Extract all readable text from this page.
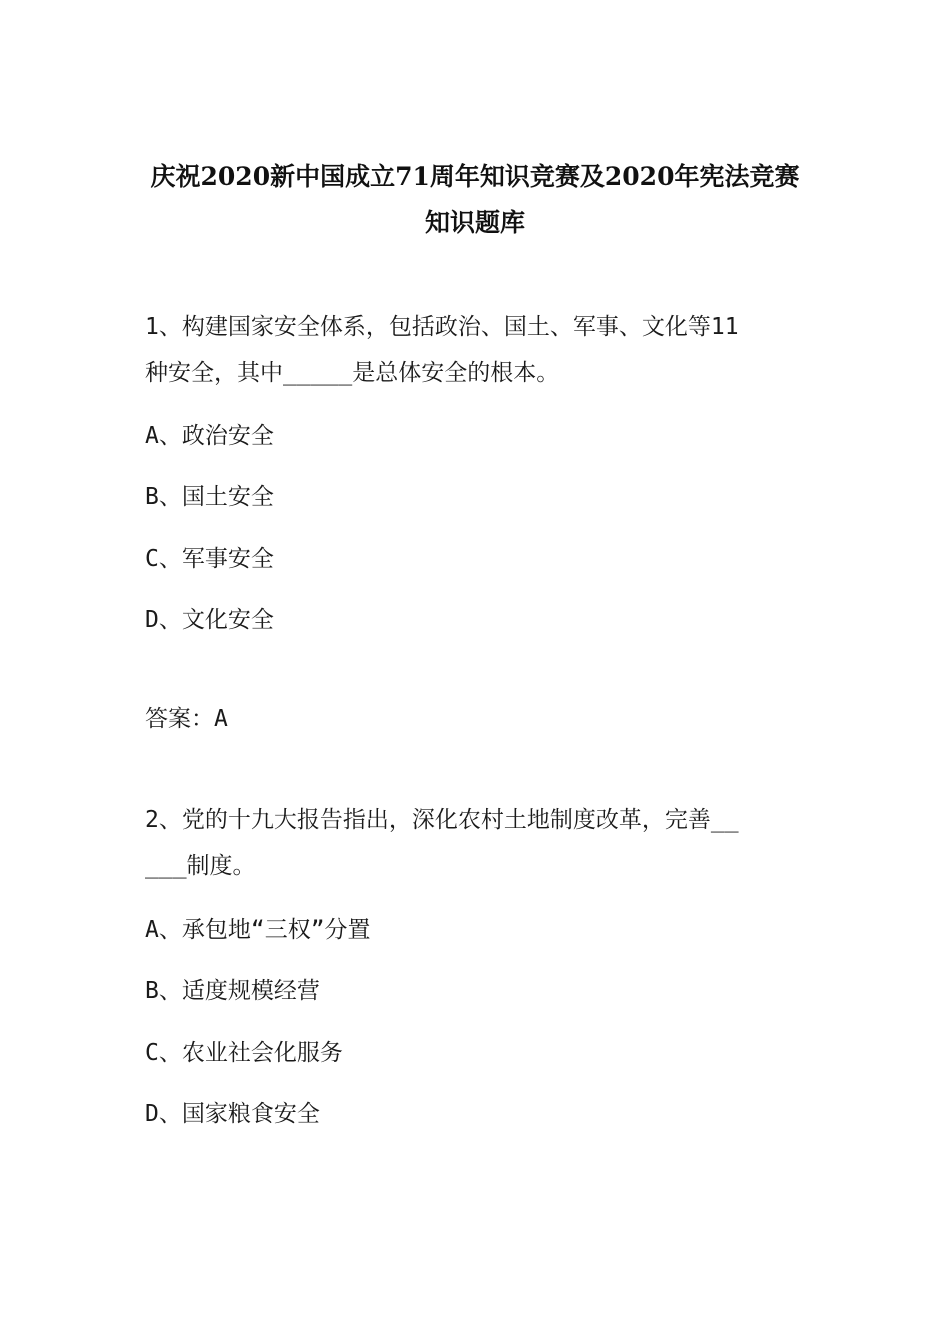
庆祝2020新中国成立71周年知识竞赛及2020年宪法竞赛
知识题库
1、构建国家安全体系，包括政治、国土、军事、文化等11
种安全，其中_____是总体安全的根本。
A、政治安全
B、国土安全
C、军事安全
D、文化安全
答案：A
2、党的十九大报告指出，深化农村土地制度改革，完善__
___制度。
A、承包地“三权”分置
B、适度规模经营
C、农业社会化服务
D、国家粮食安全
